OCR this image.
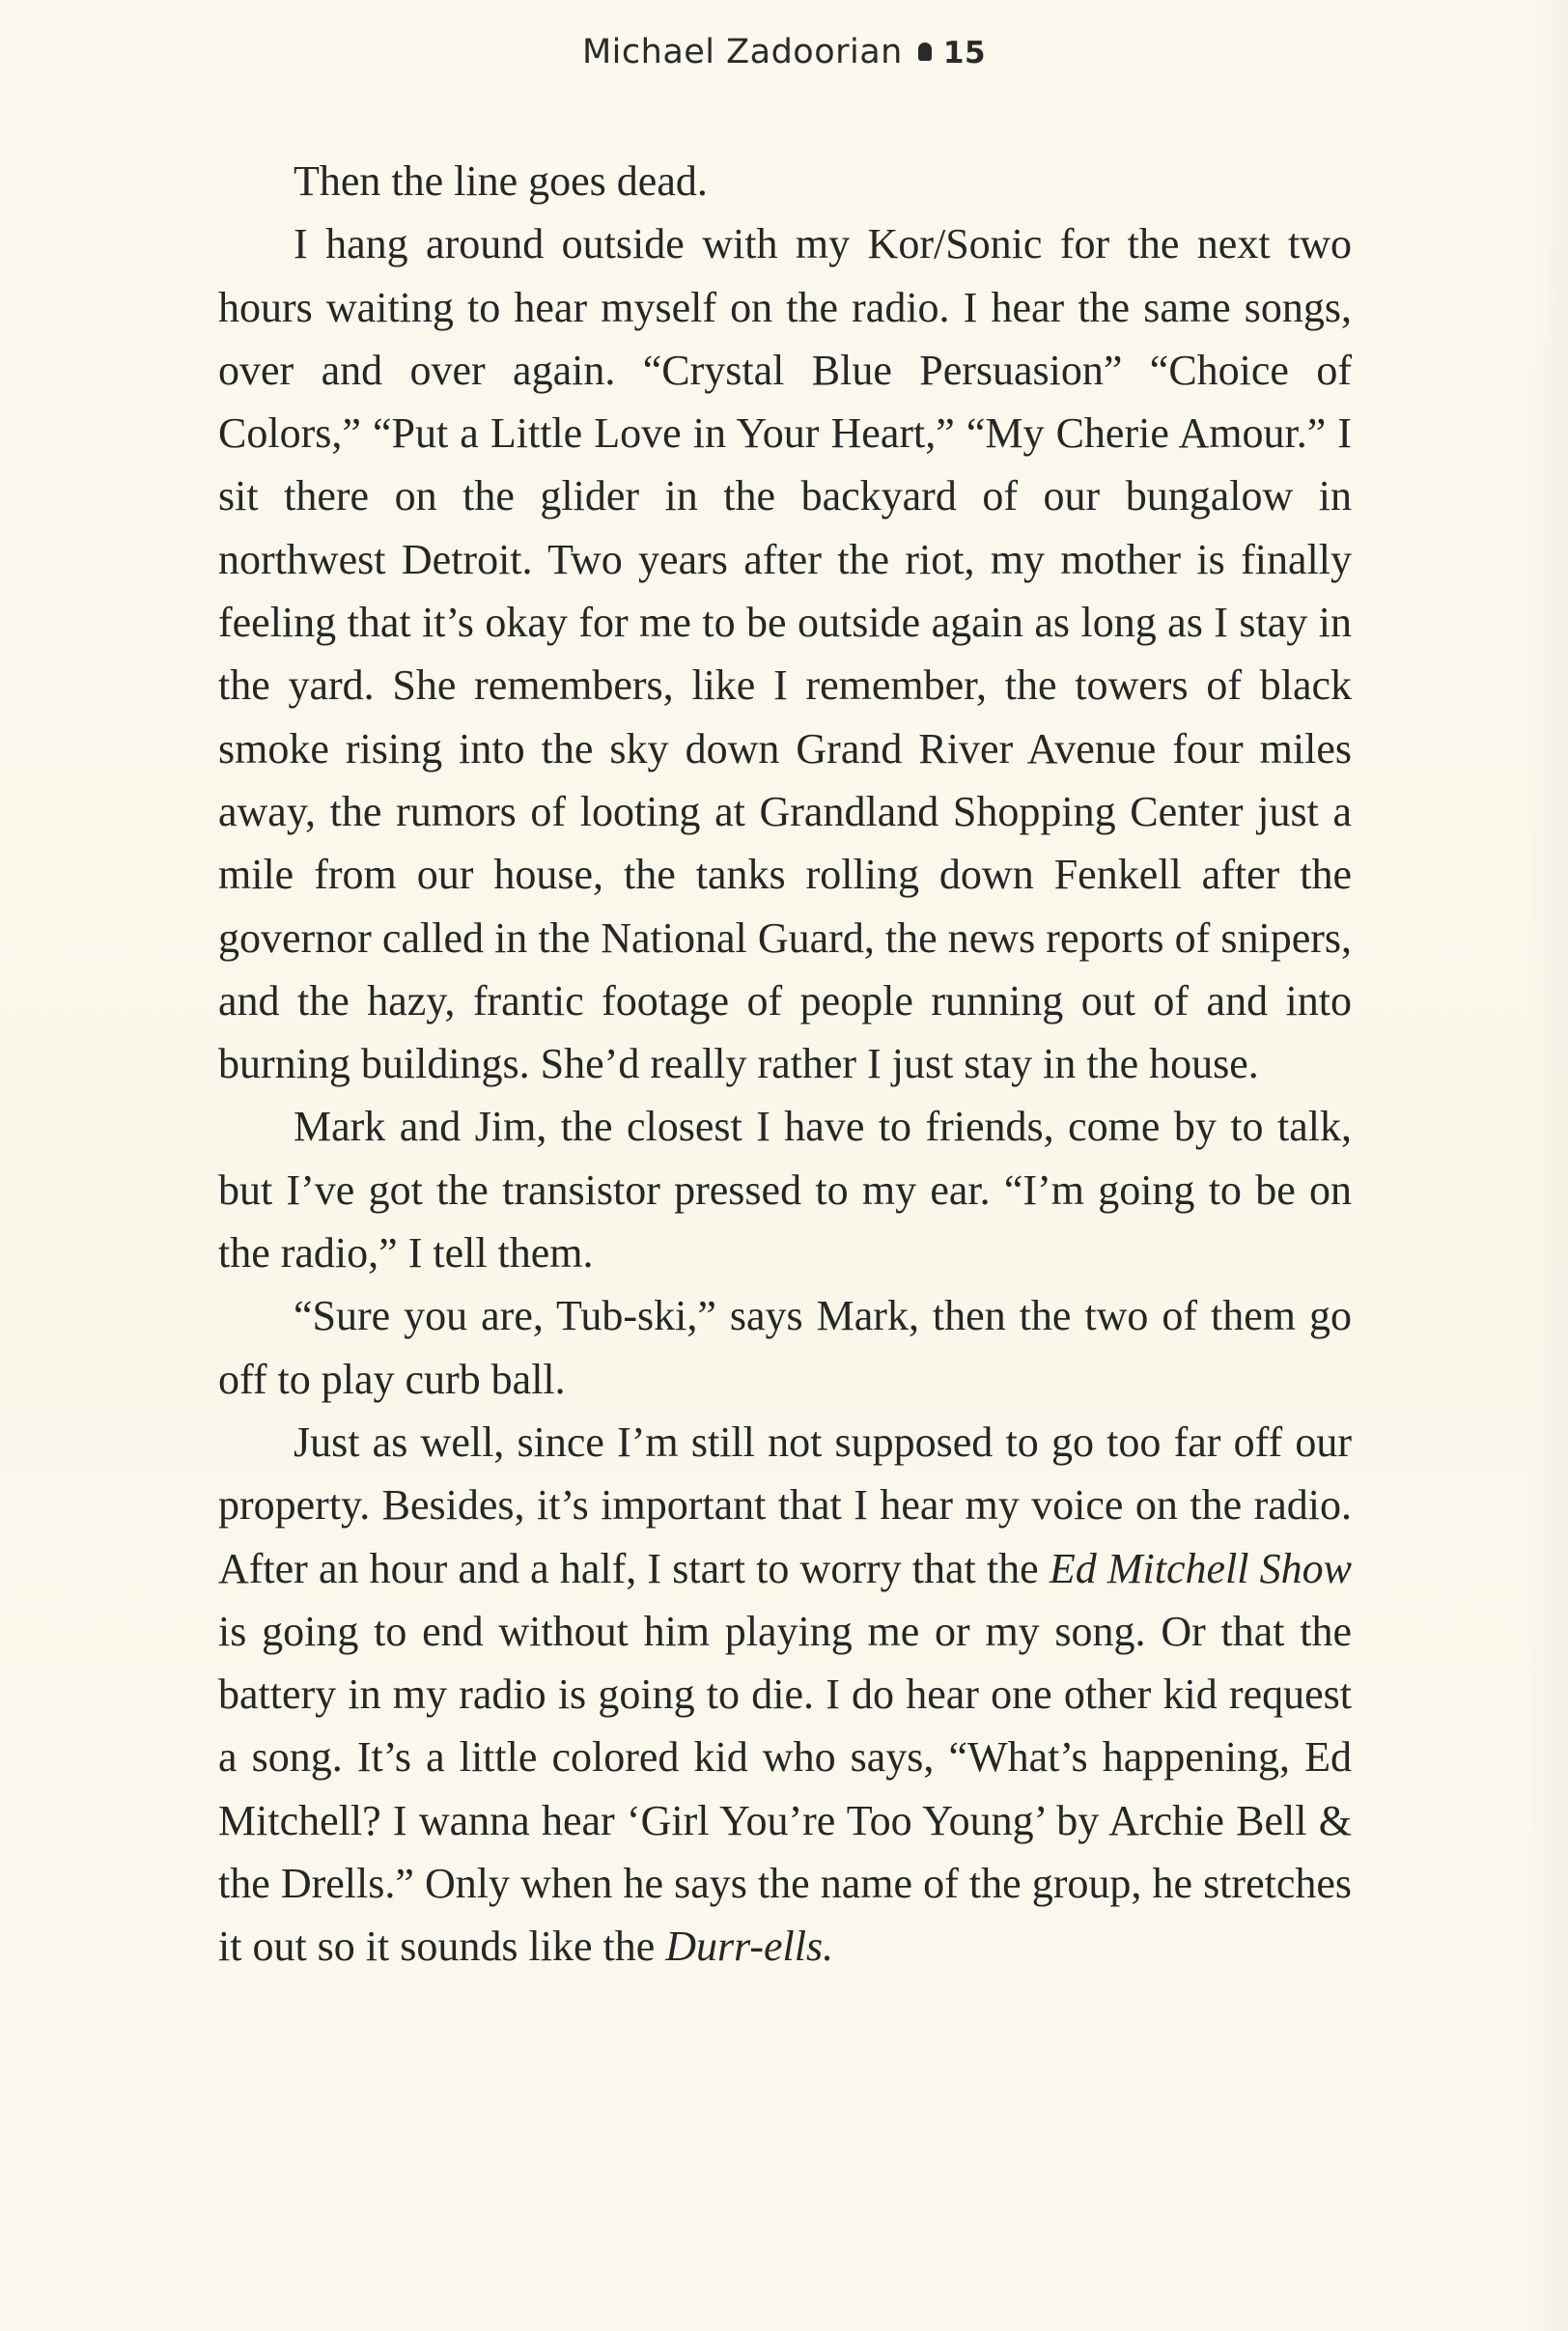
Michael Zadoorian 15

Then the line goes dead.

I hang around outside with my Kor/Sonic for the next two hours waiting to hear myself on the radio. I hear the same songs, over and over again. “Crystal Blue Persuasion” “Choice of Colors,” “Put a Little Love in Your Heart,” “My Cherie Amour.” I sit there on the glider in the backyard of our bungalow in northwest Detroit. Two years after the riot, my mother is finally feeling that it’s okay for me to be outside again as long as I stay in the yard. She remembers, like I remember, the towers of black smoke rising into the sky down Grand River Avenue four miles away, the rumors of looting at Grandland Shopping Center just a mile from our house, the tanks rolling down Fenkell after the governor called in the National Guard, the news reports of snipers, and the hazy, frantic footage of people running out of and into burning buildings. She’d really rather I just stay in the house.

Mark and Jim, the closest I have to friends, come by to talk, but I’ve got the transistor pressed to my ear. “I’m going to be on the radio,” I tell them.

“Sure you are, Tub-ski,” says Mark, then the two of them go off to play curb ball.

Just as well, since I’m still not supposed to go too far off our property. Besides, it’s important that I hear my voice on the radio. After an hour and a half, I start to worry that the Ed Mitchell Show is going to end without him playing me or my song. Or that the battery in my radio is going to die. I do hear one other kid request a song. It’s a little colored kid who says, “What’s happening, Ed Mitchell? I wanna hear ‘Girl You’re Too Young’ by Archie Bell & the Drells.” Only when he says the name of the group, he stretches it out so it sounds like the Durr-ells.
